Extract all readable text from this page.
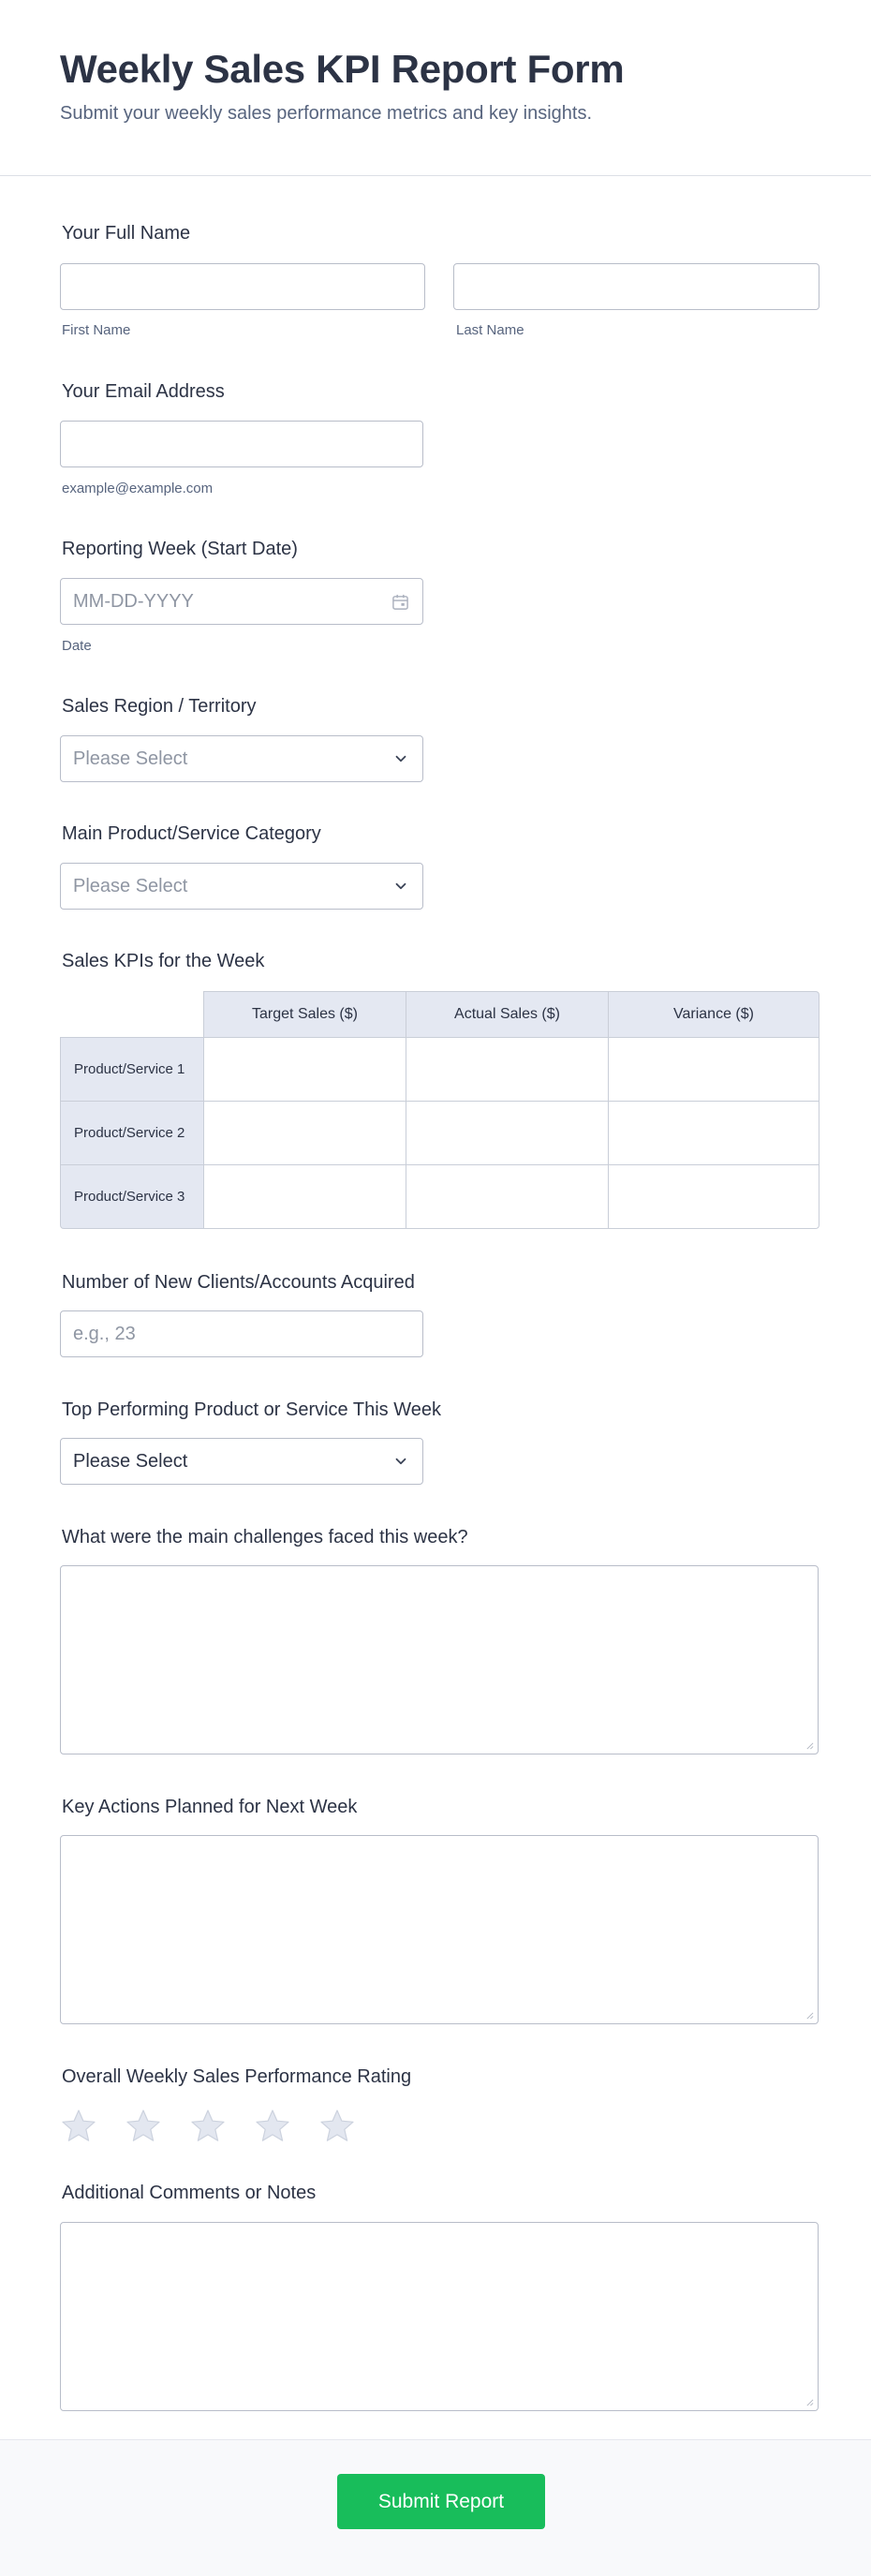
Weekly Sales KPI Report Form

Submit your weekly sales performance metrics and key insights.

Your Full Name
First Name	Last Name
Your Email Address
example@example.com
Reporting Week (Start Date)
MM-DD-YYYY
Date
Sales Region / Territory
Please Select
Main Product/Service Category
Please Select
Sales KPIs for the Week
	Target Sales ($)	Actual Sales ($)	Variance ($)
Product/Service 1			
Product/Service 2			
Product/Service 3			
Number of New Clients/Accounts Acquired
e.g., 23
Top Performing Product or Service This Week
Please Select
What were the main challenges faced this week?
Key Actions Planned for Next Week
Overall Weekly Sales Performance Rating
Additional Comments or Notes
Submit Report
